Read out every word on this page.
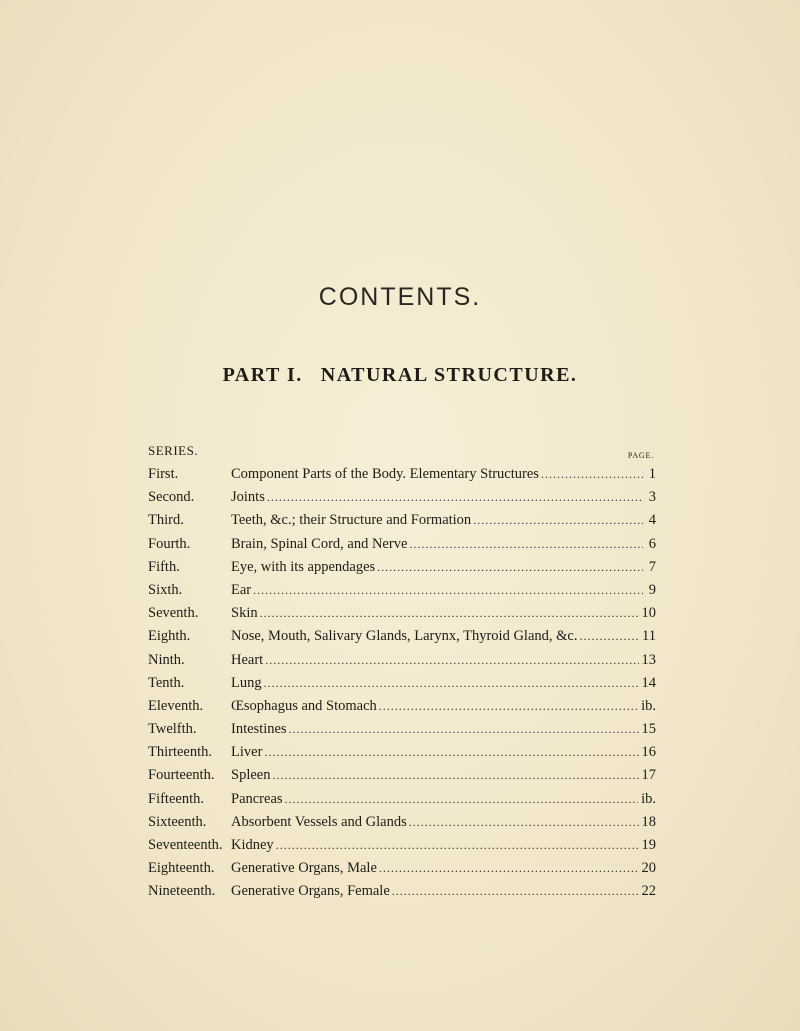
CONTENTS.
PART I. NATURAL STRUCTURE.
SERIES.	PAGE.
First.	Component Parts of the Body. Elementary Structures .....	1
Second.	Joints .....	3
Third.	Teeth, &c.; their Structure and Formation .....	4
Fourth.	Brain, Spinal Cord, and Nerve .....	6
Fifth.	Eye, with its appendages .....	7
Sixth.	Ear .....	9
Seventh. Skin .....	10
Eighth.	Nose, Mouth, Salivary Glands, Larynx, Thyroid Gland, &c. .....	11
Ninth.	Heart .....	13
Tenth.	Lung .....	14
Eleventh. Œsophagus and Stomach .....	ib.
Twelfth. Intestines .....	15
Thirteenth. Liver .....	16
Fourteenth. Spleen .....	17
Fifteenth. Pancreas .....	ib.
Sixteenth. Absorbent Vessels and Glands .....	18
Seventeenth. Kidney .....	19
Eighteenth. Generative Organs, Male .....	20
Nineteenth. Generative Organs, Female .....	22
